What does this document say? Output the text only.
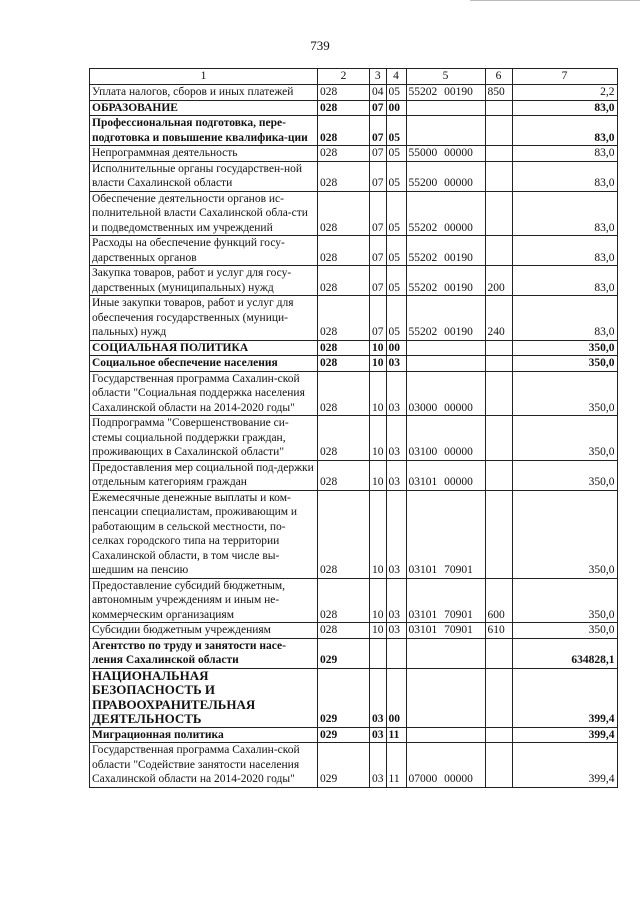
739
1	2	3	4	5	6	7
Уплата налогов, сборов и иных платежей	028	04	05	55202 00190	850	2,2
ОБРАЗОВАНИЕ	028	07	00			83,0
Профессиональная подготовка, пере-подготовка и повышение квалифика-ции	028	07	05			83,0
Непрограммная деятельность	028	07	05	55000 00000		83,0
Исполнительные органы государствен-ной власти Сахалинской области	028	07	05	55200 00000		83,0
Обеспечение деятельности органов ис-полнительной власти Сахалинской обла-сти и подведомственных им учреждений	028	07	05	55202 00000		83,0
Расходы на обеспечение функций госу-дарственных органов	028	07	05	55202 00190		83,0
Закупка товаров, работ и услуг для госу-дарственных (муниципальных) нужд	028	07	05	55202 00190	200	83,0
Иные закупки товаров, работ и услуг для обеспечения государственных (муници-пальных) нужд	028	07	05	55202 00190	240	83,0
СОЦИАЛЬНАЯ ПОЛИТИКА	028	10	00			350,0
Социальное обеспечение населения	028	10	03			350,0
Государственная программа Сахалин-ской области "Социальная поддержка населения Сахалинской области на 2014-2020 годы"	028	10	03	03000 00000		350,0
Подпрограмма "Совершенствование си-стемы социальной поддержки граждан, проживающих в Сахалинской области"	028	10	03	03100 00000		350,0
Предоставления мер социальной под-держки отдельным категориям граждан	028	10	03	03101 00000		350,0
Ежемесячные денежные выплаты и ком-пенсации специалистам, проживающим и работающим в сельской местности, по-селках городского типа на территории Сахалинской области, в том числе вы-шедшим на пенсию	028	10	03	03101 70901		350,0
Предоставление субсидий бюджетным, автономным учреждениям и иным не-коммерческим организациям	028	10	03	03101 70901	600	350,0
Субсидии бюджетным учреждениям	028	10	03	03101 70901	610	350,0
Агентство по труду и занятости насе-ления Сахалинской области	029					634828,1
НАЦИОНАЛЬНАЯ БЕЗОПАСНОСТЬ И ПРАВООХРАНИТЕЛЬНАЯ ДЕЯТЕЛЬНОСТЬ	029	03	00			399,4
Миграционная политика	029	03	11			399,4
Государственная программа Сахалин-ской области "Содействие занятости населения Сахалинской области на 2014-2020 годы"	029	03	11	07000 00000		399,4
